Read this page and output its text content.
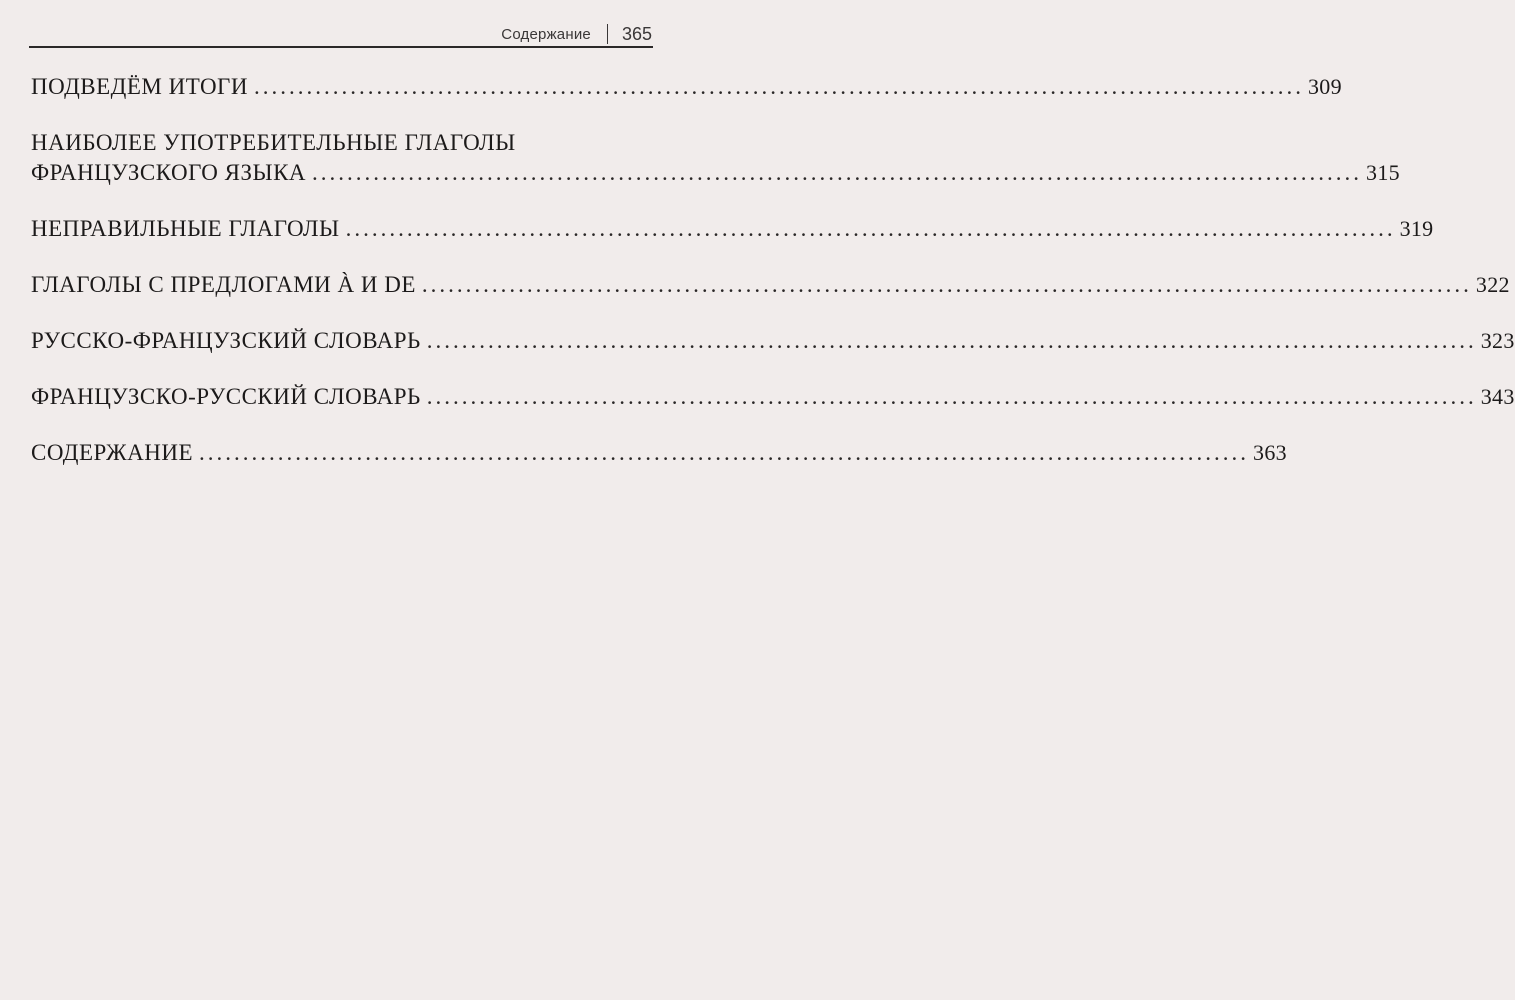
Содержание 365
ПОДВЕДЁМ ИТОГИ ........................................................................................................................ 309
НАИБОЛЕЕ УПОТРЕБИТЕЛЬНЫЕ ГЛАГОЛЫ
ФРАНЦУЗСКОГО ЯЗЫКА ........................................................................................................................ 315
НЕПРАВИЛЬНЫЕ ГЛАГОЛЫ ........................................................................................................................ 319
ГЛАГОЛЫ С ПРЕДЛОГАМИ À И DE ........................................................................................................................ 322
РУССКО-ФРАНЦУЗСКИЙ СЛОВАРЬ ........................................................................................................................ 323
ФРАНЦУЗСКО-РУССКИЙ СЛОВАРЬ ........................................................................................................................ 343
СОДЕРЖАНИЕ ........................................................................................................................ 363
